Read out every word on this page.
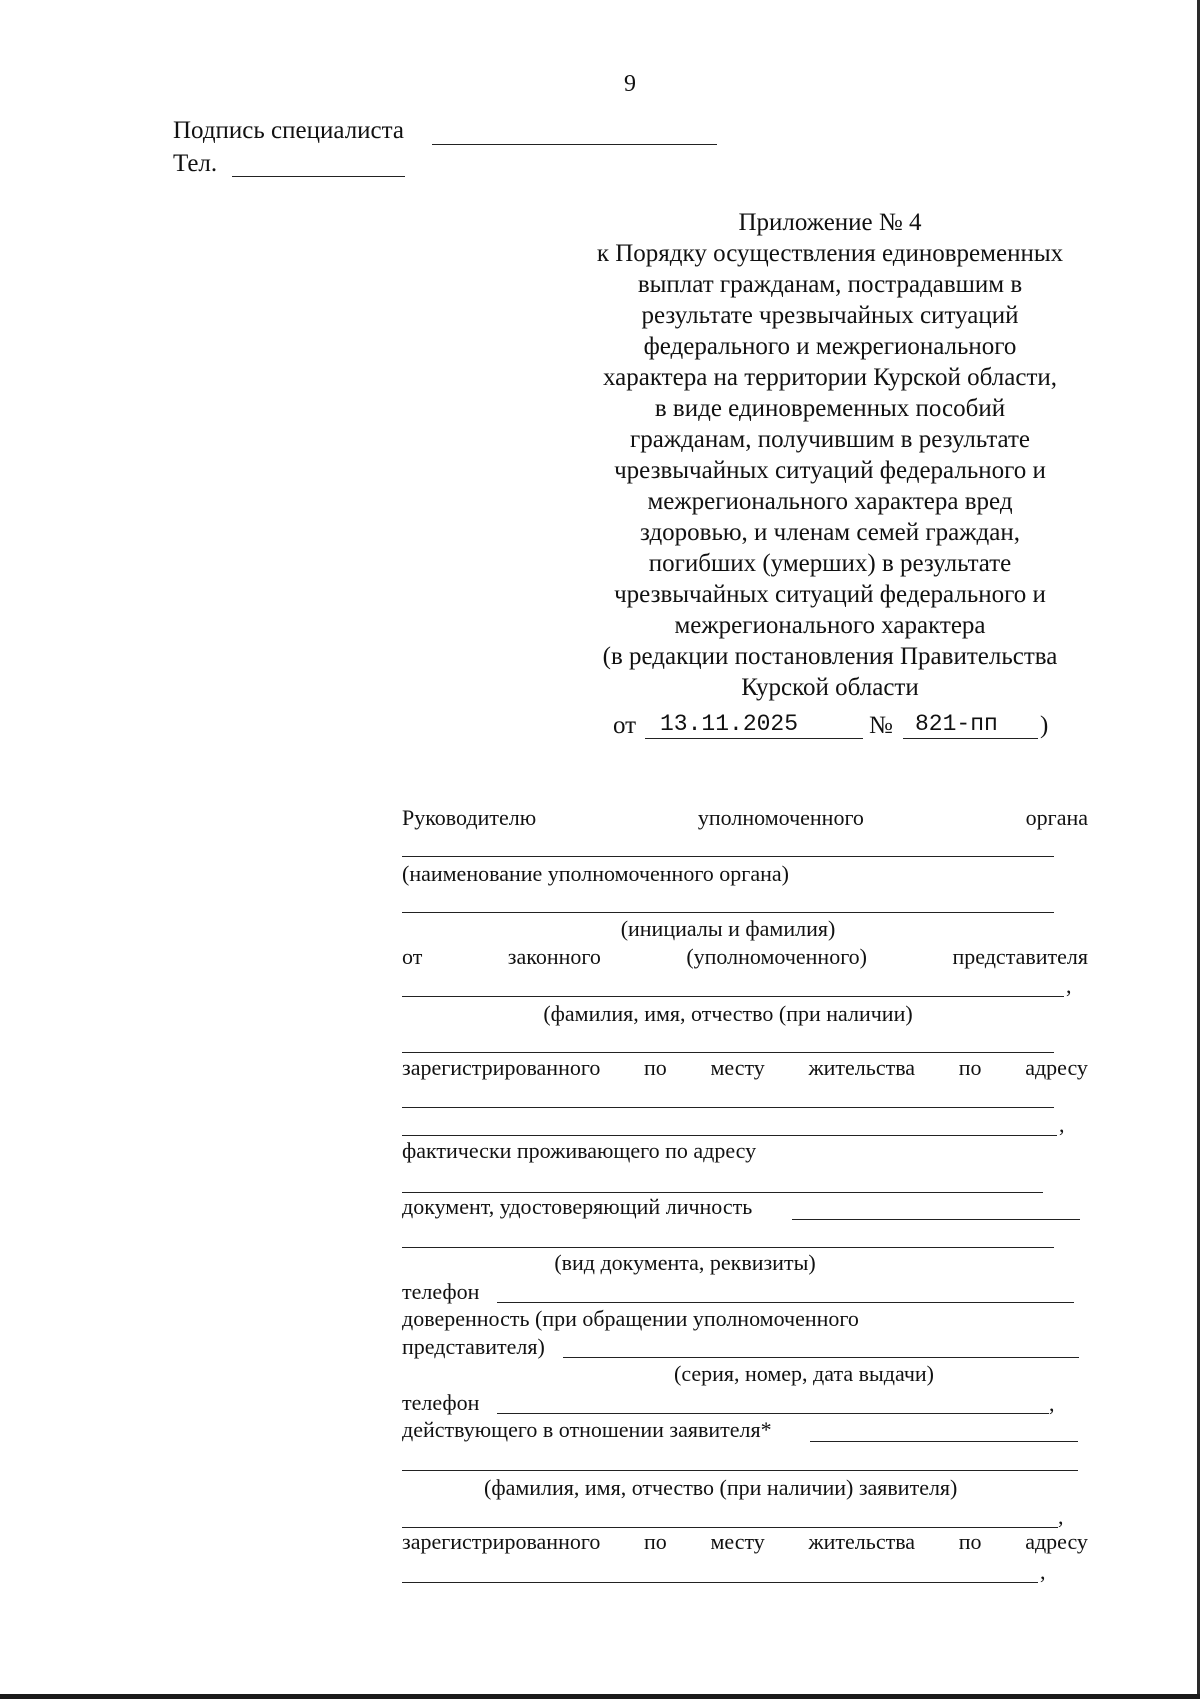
9
Подпись специалиста
Тел.
Приложение № 4
к Порядку осуществления единовременных
выплат гражданам, пострадавшим в
результате чрезвычайных ситуаций
федерального и межрегионального
характера на территории Курской области,
в виде единовременных пособий
гражданам, получившим в результате
чрезвычайных ситуаций федерального и
межрегионального характера вред
здоровью, и членам семей граждан,
погибших (умерших) в результате
чрезвычайных ситуаций федерального и
межрегионального характера
(в редакции постановления Правительства
Курской области
от 13.11.2025	№ 821-пп )
Руководителю	уполномоченного	органа
(наименование уполномоченного органа)
(инициалы и фамилия)
от	законного	(уполномоченного)	представителя
,
(фамилия, имя, отчество (при наличии)
зарегистрированного по месту жительства по адресу
,
фактически проживающего по адресу
документ, удостоверяющий личность
(вид документа, реквизиты)
телефон
доверенность (при обращении уполномоченного
представителя)
(серия, номер, дата выдачи)
телефон	,
действующего в отношении заявителя*
(фамилия, имя, отчество (при наличии) заявителя)
,
зарегистрированного по месту жительства по адресу
,
